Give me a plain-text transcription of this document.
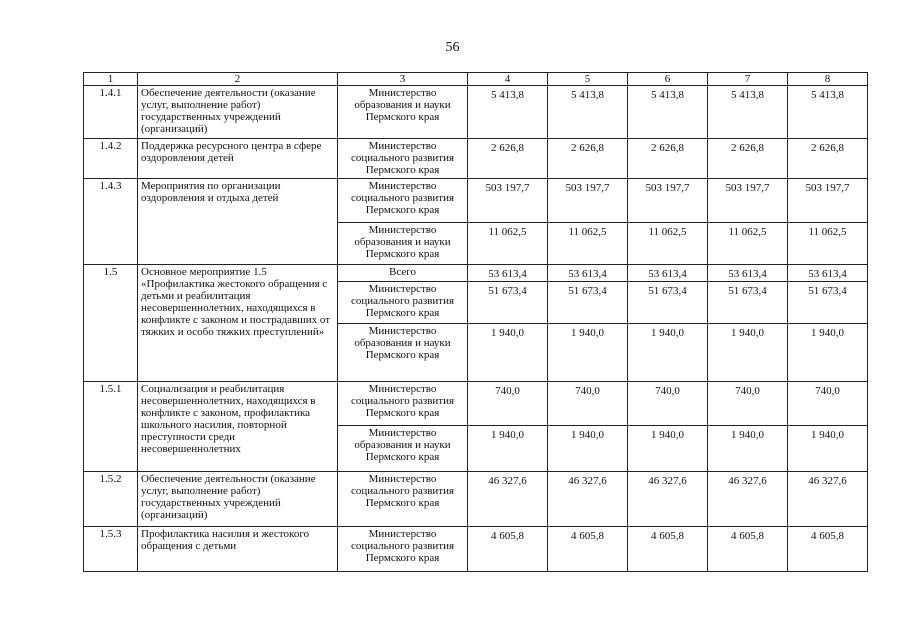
56
1	2	3	4	5	6	7	8
1.4.1	Обеспечение деятельности (оказание услуг, выполнение работ) государственных учреждений (организаций)	Министерство образования и науки Пермского края	5 413,8	5 413,8	5 413,8	5 413,8	5 413,8
1.4.2	Поддержка ресурсного центра в сфере оздоровления детей	Министерство социального развития Пермского края	2 626,8	2 626,8	2 626,8	2 626,8	2 626,8
1.4.3	Мероприятия по организации оздоровления и отдыха детей	Министерство социального развития Пермского края	503 197,7	503 197,7	503 197,7	503 197,7	503 197,7
		Министерство образования и науки Пермского края	11 062,5	11 062,5	11 062,5	11 062,5	11 062,5
1.5	Основное мероприятие 1.5 «Профилактика жестокого обращения с детьми и реабилитация несовершеннолетних, находящихся в конфликте с законом и пострадавших от тяжких и особо тяжких преступлений»	Всего	53 613,4	53 613,4	53 613,4	53 613,4	53 613,4
		Министерство социального развития Пермского края	51 673,4	51 673,4	51 673,4	51 673,4	51 673,4
		Министерство образования и науки Пермского края	1 940,0	1 940,0	1 940,0	1 940,0	1 940,0
1.5.1	Социализация и реабилитация несовершеннолетних, находящихся в конфликте с законом, профилактика школьного насилия, повторной преступности среди несовершеннолетних	Министерство социального развития Пермского края	740,0	740,0	740,0	740,0	740,0
		Министерство образования и науки Пермского края	1 940,0	1 940,0	1 940,0	1 940,0	1 940,0
1.5.2	Обеспечение деятельности (оказание услуг, выполнение работ) государственных учреждений (организаций)	Министерство социального развития Пермского края	46 327,6	46 327,6	46 327,6	46 327,6	46 327,6
1.5.3	Профилактика насилия и жестокого обращения с детьми	Министерство социального развития Пермского края	4 605,8	4 605,8	4 605,8	4 605,8	4 605,8
